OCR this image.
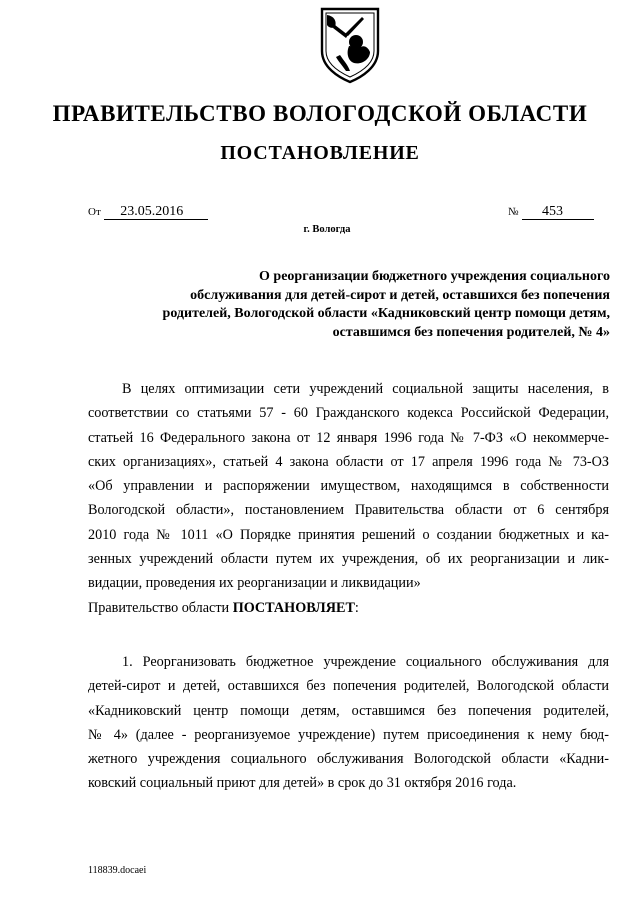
ПРАВИТЕЛЬСТВО ВОЛОГОДСКОЙ ОБЛАСТИ
ПОСТАНОВЛЕНИЕ
От 23.05.2016	№ 453
г. Вологда
О реорганизации бюджетного учреждения социального
обслуживания для детей-сирот и детей, оставшихся без попечения
родителей, Вологодской области «Кадниковский центр помощи детям,
оставшимся без попечения родителей, № 4»
В целях оптимизации сети учреждений социальной защиты населения, в
соответствии со статьями 57 - 60 Гражданского кодекса Российской Федерации,
статьей 16 Федерального закона от 12 января 1996 года № 7-ФЗ «О некоммерче-
ских организациях», статьей 4 закона области от 17 апреля 1996 года № 73-ОЗ
«Об управлении и распоряжении имуществом, находящимся в собственности
Вологодской области», постановлением Правительства области от 6 сентября
2010 года № 1011 «О Порядке принятия решений о создании бюджетных и ка-
зенных учреждений области путем их учреждения, об их реорганизации и лик-
видации, проведения их реорганизации и ликвидации»
Правительство области ПОСТАНОВЛЯЕТ:
1. Реорганизовать бюджетное учреждение социального обслуживания для
детей-сирот и детей, оставшихся без попечения родителей, Вологодской области
«Кадниковский центр помощи детям, оставшимся без попечения родителей,
№ 4» (далее - реорганизуемое учреждение) путем присоединения к нему бюд-
жетного учреждения социального обслуживания Вологодской области «Кадни-
ковский социальный приют для детей» в срок до 31 октября 2016 года.
118839.docaei
